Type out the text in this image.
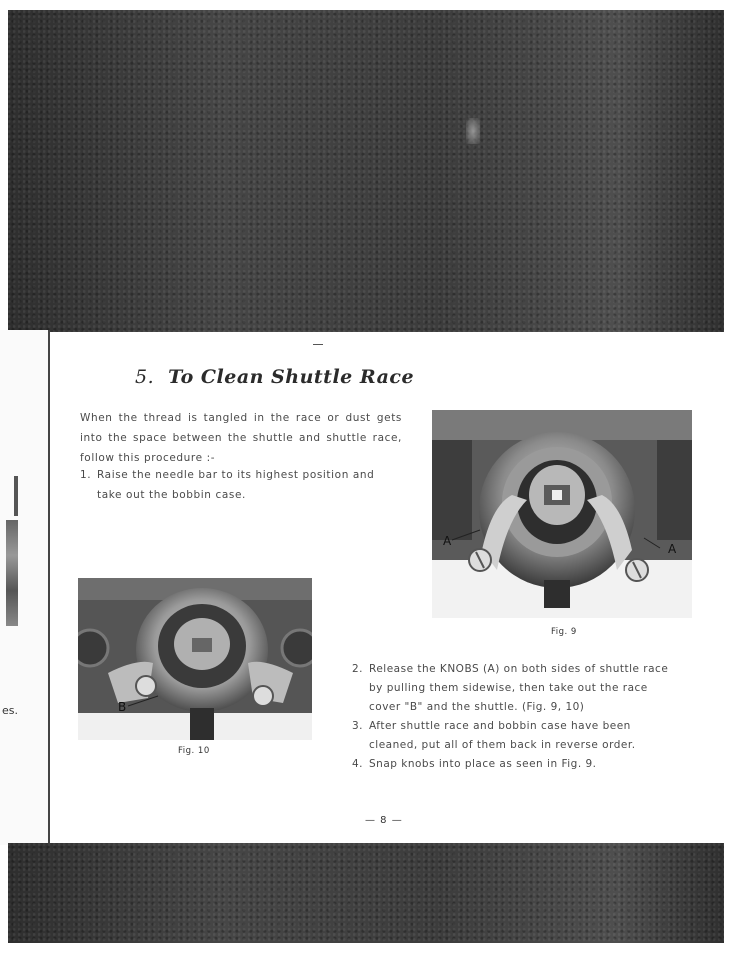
es.
5. To Clean Shuttle Race
When the thread is tangled in the race or dust gets into the space between the shuttle and shuttle race, follow this procedure :-
1. Raise the needle bar to its highest position and take out the bobbin case.
A
A
Fig. 9
B
Fig. 10
2. Release the KNOBS (A) on both sides of shuttle race by pulling them sidewise, then take out the race cover "B" and the shuttle. (Fig. 9, 10)
3. After shuttle race and bobbin case have been cleaned, put all of them back in reverse order.
4. Snap knobs into place as seen in Fig. 9.
— 8 —
